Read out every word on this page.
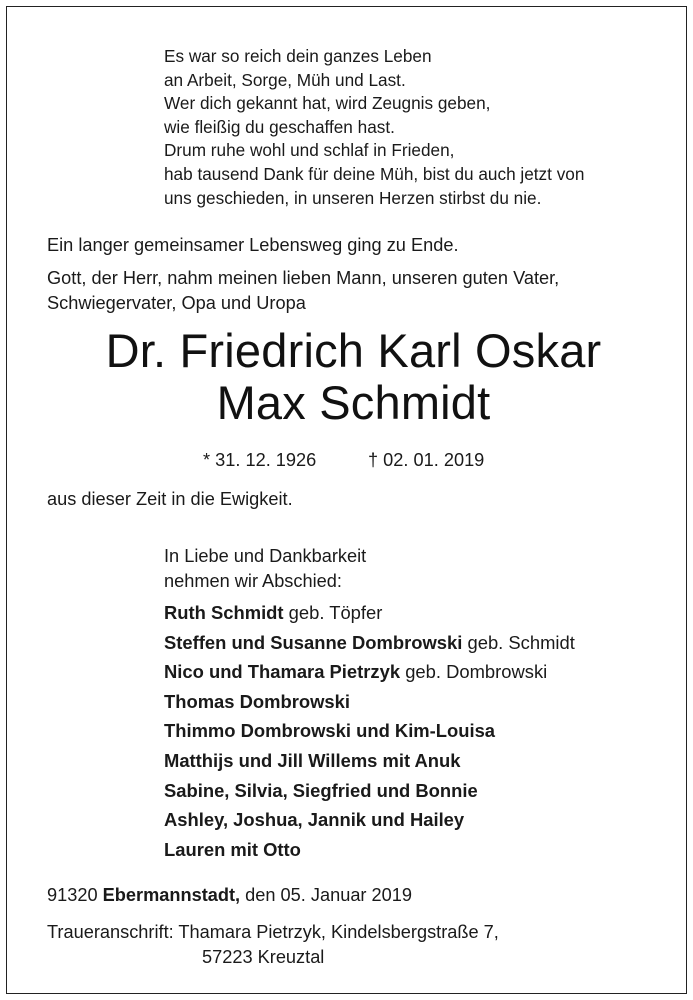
Es war so reich dein ganzes Leben
an Arbeit, Sorge, Müh und Last.
Wer dich gekannt hat, wird Zeugnis geben,
wie fleißig du geschaffen hast.
Drum ruhe wohl und schlaf in Frieden,
hab tausend Dank für deine Müh, bist du auch jetzt von
uns geschieden, in unseren Herzen stirbst du nie.
Ein langer gemeinsamer Lebensweg ging zu Ende.
Gott, der Herr, nahm meinen lieben Mann, unseren guten Vater,
Schwiegervater, Opa und Uropa
Dr. Friedrich Karl Oskar
Max Schmidt
* 31. 12. 1926	† 02. 01. 2019
aus dieser Zeit in die Ewigkeit.
In Liebe und Dankbarkeit
nehmen wir Abschied:
Ruth Schmidt geb. Töpfer
Steffen und Susanne Dombrowski geb. Schmidt
Nico und Thamara Pietrzyk geb. Dombrowski
Thomas Dombrowski
Thimmo Dombrowski und Kim-Louisa
Matthijs und Jill Willems mit Anuk
Sabine, Silvia, Siegfried und Bonnie
Ashley, Joshua, Jannik und Hailey
Lauren mit Otto
91320 Ebermannstadt, den 05. Januar 2019
Traueranschrift: Thamara Pietrzyk, Kindelsbergstraße 7,
57223 Kreuztal
